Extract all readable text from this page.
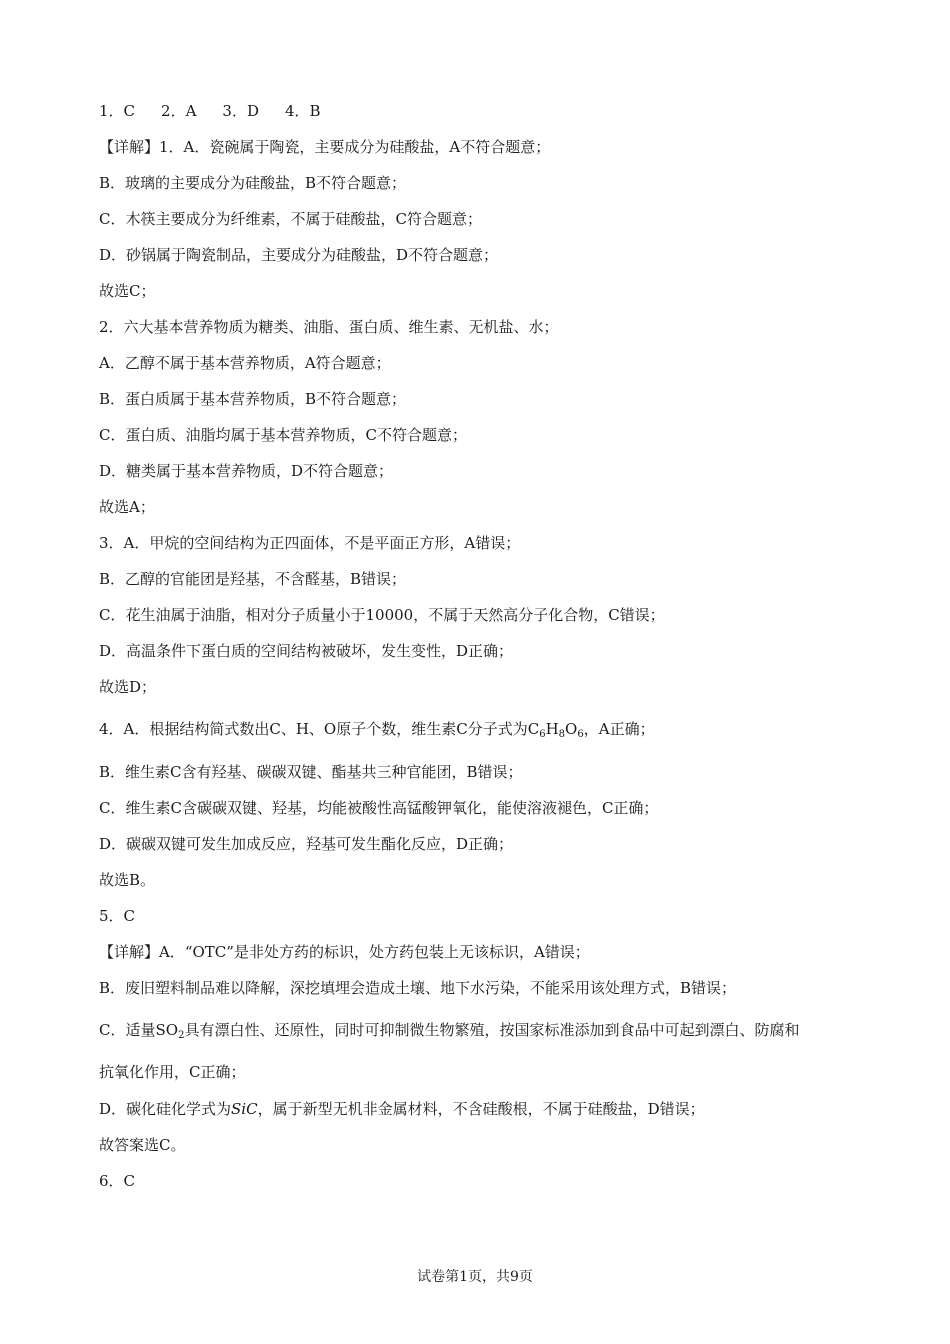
1．C 2．A 3．D 4．B
【详解】1．A．瓷碗属于陶瓷，主要成分为硅酸盐，A不符合题意；
B．玻璃的主要成分为硅酸盐，B不符合题意；
C．木筷主要成分为纤维素，不属于硅酸盐，C符合题意；
D．砂锅属于陶瓷制品，主要成分为硅酸盐，D不符合题意；
故选C；
2．六大基本营养物质为糖类、油脂、蛋白质、维生素、无机盐、水；
A．乙醇不属于基本营养物质，A符合题意；
B．蛋白质属于基本营养物质，B不符合题意；
C．蛋白质、油脂均属于基本营养物质，C不符合题意；
D．糖类属于基本营养物质，D不符合题意；
故选A；
3．A．甲烷的空间结构为正四面体，不是平面正方形，A错误；
B．乙醇的官能团是羟基，不含醛基，B错误；
C．花生油属于油脂，相对分子质量小于10000，不属于天然高分子化合物，C错误；
D．高温条件下蛋白质的空间结构被破坏，发生变性，D正确；
故选D；
4．A．根据结构简式数出C、H、O原子个数，维生素C分子式为$C_6H_8O_6$，A正确；
B．维生素C含有羟基、碳碳双键、酯基共三种官能团，B错误；
C．维生素C含碳碳双键、羟基，均能被酸性高锰酸钾氧化，能使溶液褪色，C正确；
D．碳碳双键可发生加成反应，羟基可发生酯化反应，D正确；
故选B。
5．C
【详解】A．“OTC”是非处方药的标识，处方药包装上无该标识，A错误；
B．废旧塑料制品难以降解，深挖填埋会造成土壤、地下水污染，不能采用该处理方式，B错误；
C．适量$SO_2$具有漂白性、还原性，同时可抑制微生物繁殖，按国家标准添加到食品中可起到漂白、防腐和
抗氧化作用，C正确；
D．碳化硅化学式为SiC，属于新型无机非金属材料，不含硅酸根，不属于硅酸盐，D错误；
故答案选C。
6．C
试卷第1页，共9页
